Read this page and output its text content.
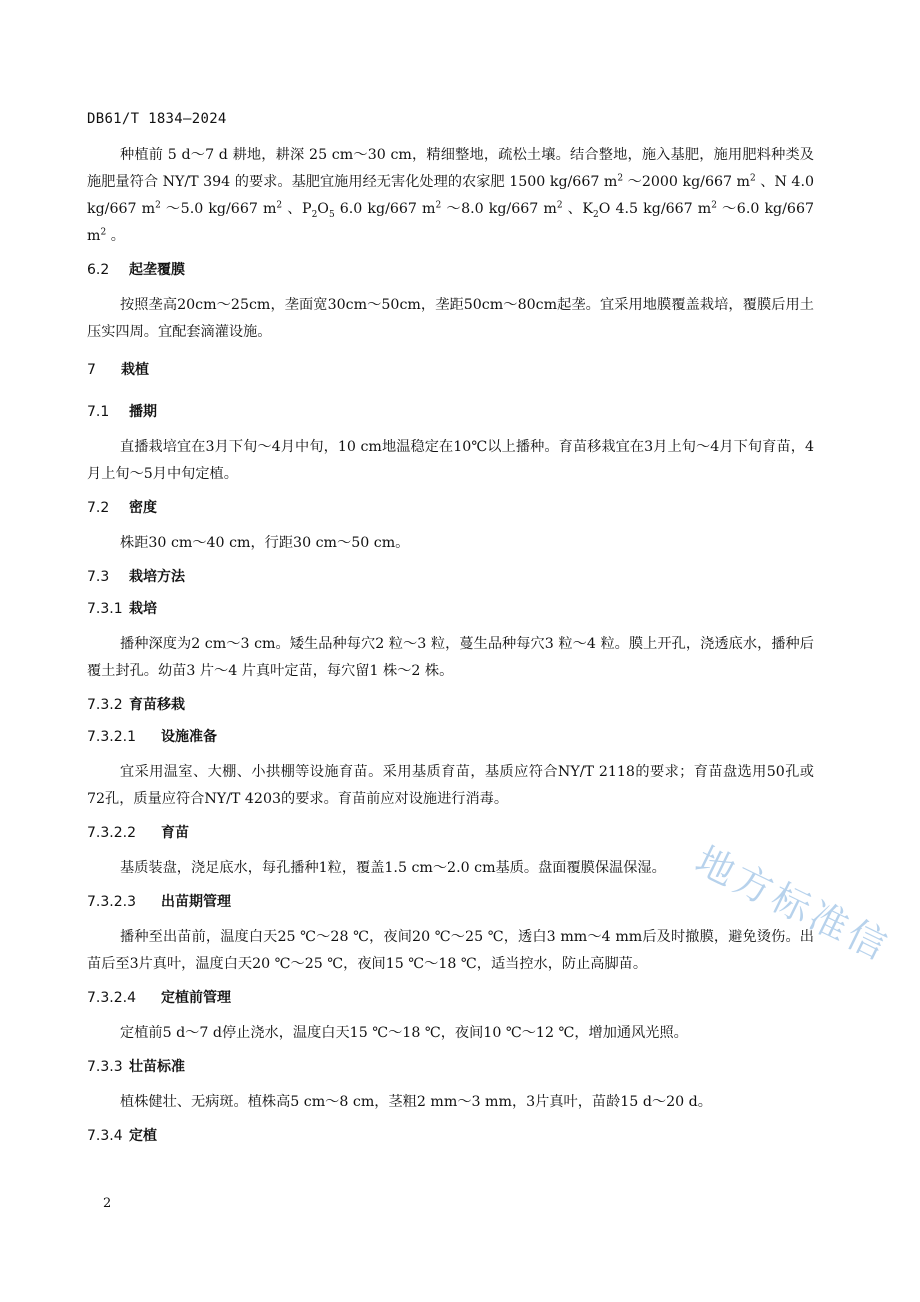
DB61/T 1834—2024

种植前 5 d～7 d 耕地，耕深 25 cm～30 cm，精细整地，疏松土壤。结合整地，施入基肥，施用肥料种类及施肥量符合 NY/T 394 的要求。基肥宜施用经无害化处理的农家肥 1500 kg/667 $m^2$ ～2000 kg/667 $m^2$ 、N 4.0 kg/667 $m^2$ ～5.0 kg/667 $m^2$ 、$P_2O_5$ 6.0 kg/667 $m^2$ ～8.0 kg/667 $m^2$ 、$K_2O$ 4.5 kg/667 $m^2$ ～6.0 kg/667 $m^2$ 。

6.2	起垄覆膜

按照垄高20cm～25cm，垄面宽30cm～50cm，垄距50cm～80cm起垄。宜采用地膜覆盖栽培，覆膜后用土压实四周。宜配套滴灌设施。

7	栽植
7.1	播期

直播栽培宜在3月下旬～4月中旬，10 cm地温稳定在10℃以上播种。育苗移栽宜在3月上旬～4月下旬育苗，4月上旬～5月中旬定植。

7.2	密度

株距30 cm～40 cm，行距30 cm～50 cm。

7.3	栽培方法
7.3.1 栽培

播种深度为2 cm～3 cm。矮生品种每穴2 粒～3 粒，蔓生品种每穴3 粒～4 粒。膜上开孔，浇透底水，播种后覆土封孔。幼苗3 片～4 片真叶定苗，每穴留1 株～2 株。

7.3.2 育苗移栽
7.3.2.1	设施准备

宜采用温室、大棚、小拱棚等设施育苗。采用基质育苗，基质应符合NY/T 2118的要求；育苗盘选用50孔或72孔，质量应符合NY/T 4203的要求。育苗前应对设施进行消毒。

7.3.2.2	育苗

基质装盘，浇足底水，每孔播种1粒，覆盖1.5 cm～2.0 cm基质。盘面覆膜保温保湿。

7.3.2.3	出苗期管理

播种至出苗前，温度白天25 ℃～28 ℃，夜间20 ℃～25 ℃，透白3 mm～4 mm后及时撤膜，避免烫伤。出苗后至3片真叶，温度白天20 ℃～25 ℃，夜间15 ℃～18 ℃，适当控水，防止高脚苗。

7.3.2.4	定植前管理

定植前5 d～7 d停止浇水，温度白天15 ℃～18 ℃，夜间10 ℃～12 ℃，增加通风光照。

7.3.3 壮苗标准

植株健壮、无病斑。植株高5 cm～8 cm，茎粗2 mm～3 mm，3片真叶，苗龄15 d～20 d。

7.3.4 定植
2
地方标准信
